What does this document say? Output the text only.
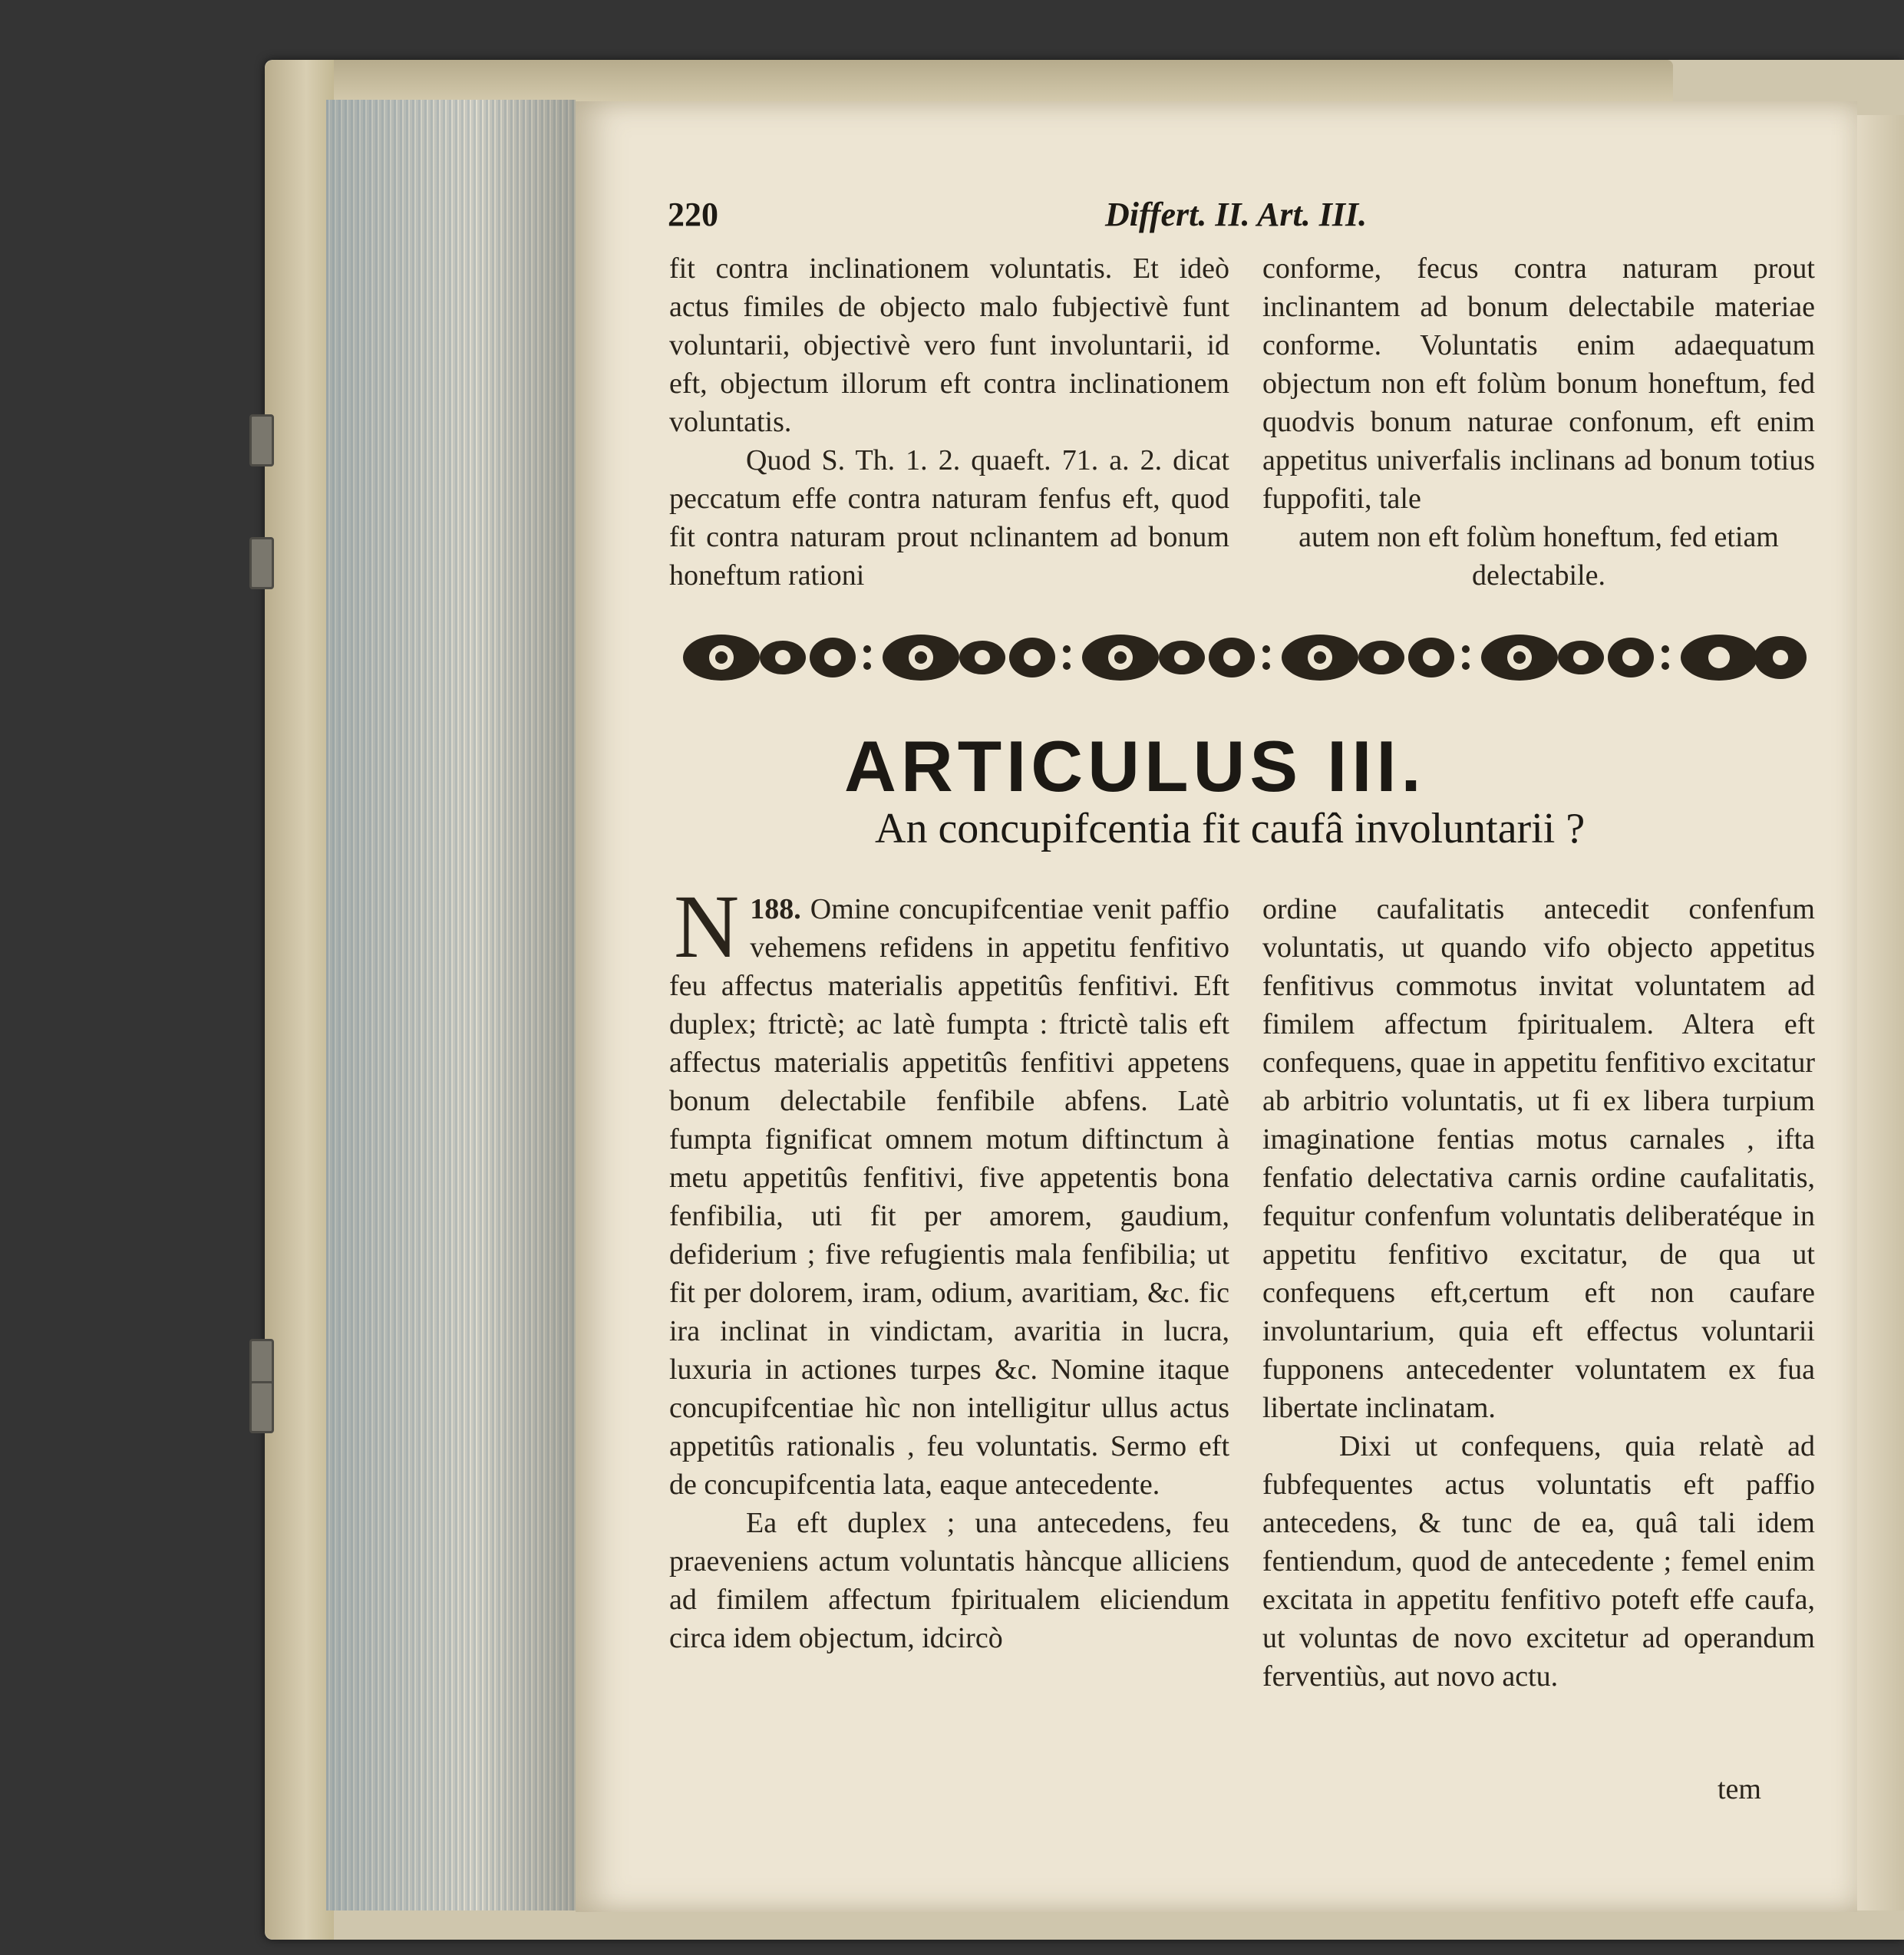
220	Differt. II. Art. III.

fit contra inclinationem voluntatis. Et ideò actus fimiles de objecto malo fubjectivè funt voluntarii, objectivè vero funt involuntarii, id eft, objectum illorum eft contra inclinationem voluntatis.

Quod S. Th. 1. 2. quaeft. 71. a. 2. dicat peccatum effe contra naturam fenfus eft, quod fit contra naturam prout nclinantem ad bonum honeftum rationi

conforme, fecus contra naturam prout inclinantem ad bonum delectabile materiae conforme. Voluntatis enim adaequatum objectum non eft folùm bonum honeftum, fed quodvis bonum naturae confonum, eft enim appetitus univerfalis inclinans ad bonum totius fuppofiti, tale

autem non eft folùm honeftum, fed etiam delectabile.

ARTICULUS III.
An concupifcentia fit caufâ involuntarii ?

188.
N Omine concupifcentiae venit paffio vehemens refidens in appetitu fenfitivo feu affectus materialis appetitûs fenfitivi. Eft duplex; ftrictè; ac latè fumpta : ftrictè talis eft affectus materialis appetitûs fenfitivi appetens bonum delectabile fenfibile abfens. Latè fumpta fignificat omnem motum diftinctum à metu appetitûs fenfitivi, five appetentis bona fenfibilia, uti fit per amorem, gaudium, defiderium ; five refugientis mala fenfibilia; ut fit per dolorem, iram, odium, avaritiam, &c. fic ira inclinat in vindictam, avaritia in lucra, luxuria in actiones turpes &c. Nomine itaque concupifcentiae hìc non intelligitur ullus actus appetitûs rationalis , feu voluntatis. Sermo eft de concupifcentia lata, eaque antecedente.

Ea eft duplex ; una antecedens, feu praeveniens actum voluntatis hàncque alliciens ad fimilem affectum fpiritualem eliciendum circa idem objectum, idcircò

ordine caufalitatis antecedit confenfum voluntatis, ut quando vifo objecto appetitus fenfitivus commotus invitat voluntatem ad fimilem affectum fpiritualem. Altera eft confequens, quae in appetitu fenfitivo excitatur ab arbitrio voluntatis, ut fi ex libera turpium imaginatione fentias motus carnales , ifta fenfatio delectativa carnis ordine caufalitatis, fequitur confenfum voluntatis deliberatéque in appetitu fenfitivo excitatur, de qua ut confequens eft,certum eft non caufare involuntarium, quia eft effectus voluntarii fupponens antecedenter voluntatem ex fua libertate inclinatam.

Dixi ut confequens, quia relatè ad fubfequentes actus voluntatis eft paffio antecedens, & tunc de ea, quâ tali idem fentiendum, quod de antecedente ; femel enim excitata in appetitu fenfitivo poteft effe caufa, ut voluntas de novo excitetur ad operandum ferventiùs, aut novo actu.

tem
